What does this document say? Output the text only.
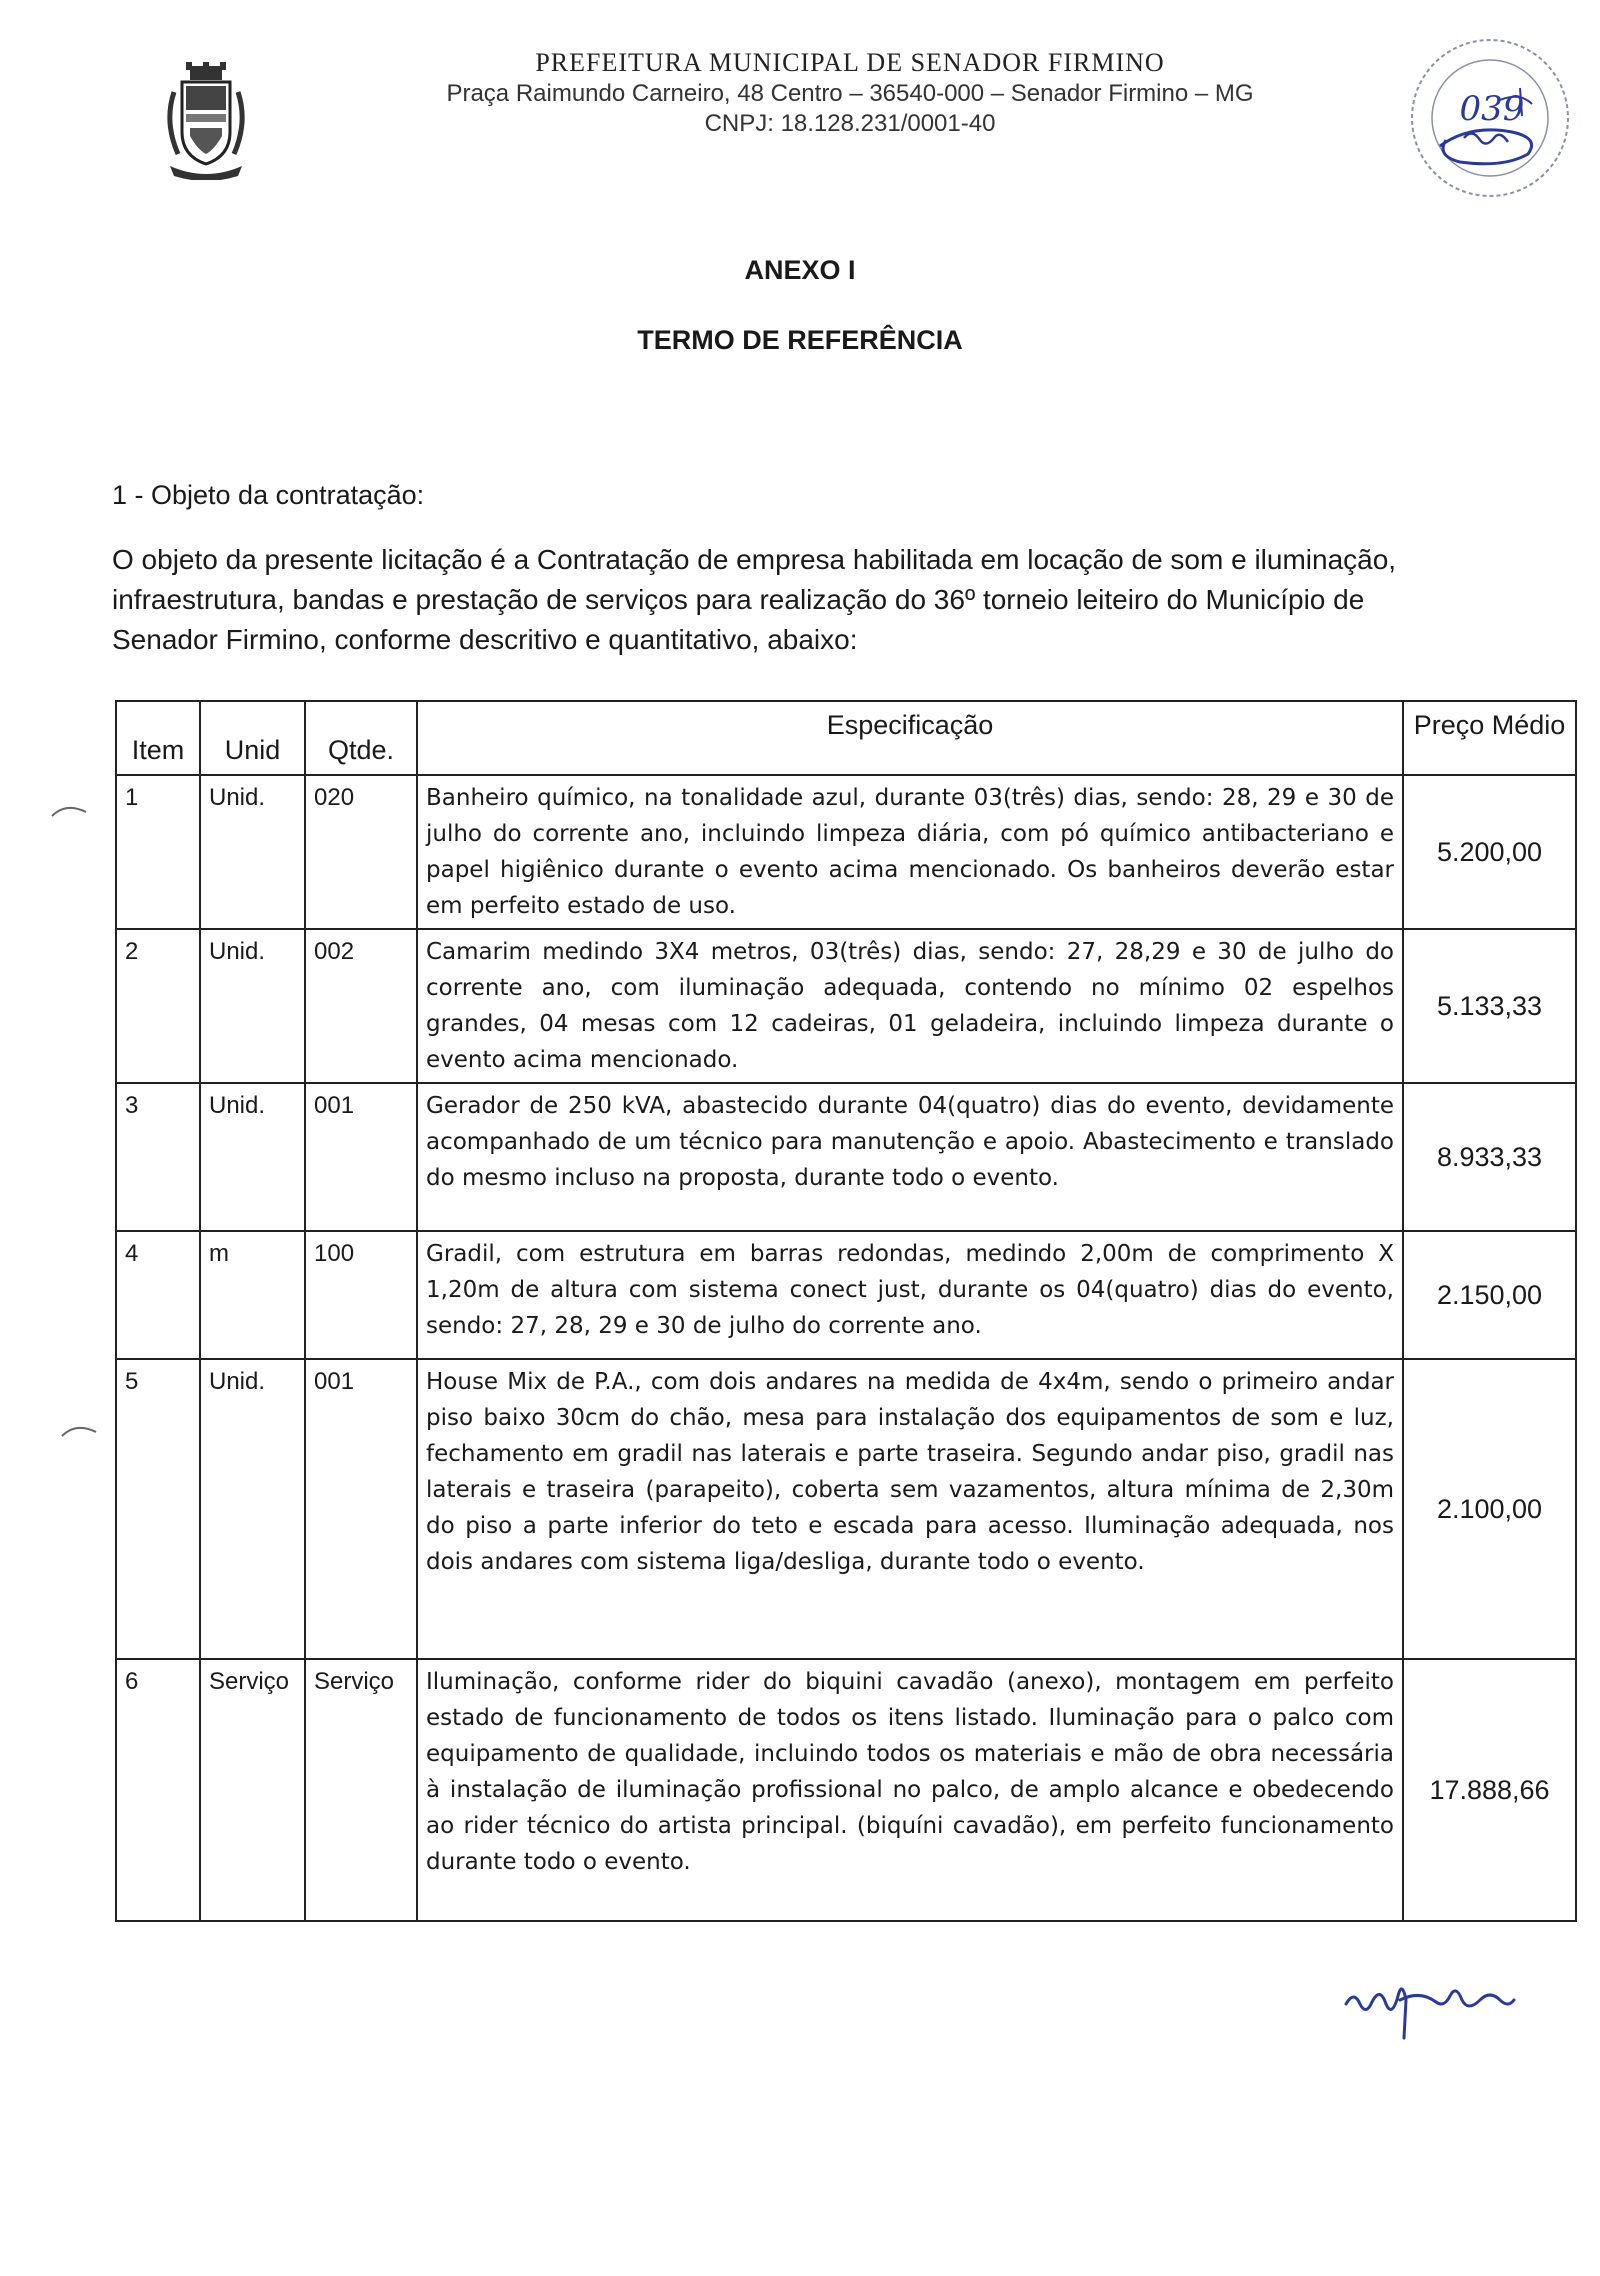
PREFEITURA MUNICIPAL DE SENADOR FIRMINO
Praça Raimundo Carneiro, 48 Centro – 36540-000 – Senador Firmino – MG
CNPJ: 18.128.231/0001-40	039
ANEXO I
TERMO DE REFERÊNCIA
1 - Objeto da contratação:
O objeto da presente licitação é a Contratação de empresa habilitada em locação de som e iluminação, infraestrutura, bandas e prestação de serviços para realização do 36º torneio leiteiro do Município de Senador Firmino, conforme descritivo e quantitativo, abaixo:
Item	Unid	Qtde.	Especificação	Preço Médio
1	Unid.	020	Banheiro químico, na tonalidade azul, durante 03(três) dias, sendo: 28, 29 e 30 de julho do corrente ano, incluindo limpeza diária, com pó químico antibacteriano e papel higiênico durante o evento acima mencionado. Os banheiros deverão estar em perfeito estado de uso.	5.200,00
2	Unid.	002	Camarim medindo 3X4 metros, 03(três) dias, sendo: 27, 28,29 e 30 de julho do corrente ano, com iluminação adequada, contendo no mínimo 02 espelhos grandes, 04 mesas com 12 cadeiras, 01 geladeira, incluindo limpeza durante o evento acima mencionado.	5.133,33
3	Unid.	001	Gerador de 250 kVA, abastecido durante 04(quatro) dias do evento, devidamente acompanhado de um técnico para manutenção e apoio. Abastecimento e translado do mesmo incluso na proposta, durante todo o evento.	8.933,33
4	m	100	Gradil, com estrutura em barras redondas, medindo 2,00m de comprimento X 1,20m de altura com sistema conect just, durante os 04(quatro) dias do evento, sendo: 27, 28, 29 e 30 de julho do corrente ano.	2.150,00
5	Unid.	001	House Mix de P.A., com dois andares na medida de 4x4m, sendo o primeiro andar piso baixo 30cm do chão, mesa para instalação dos equipamentos de som e luz, fechamento em gradil nas laterais e parte traseira. Segundo andar piso, gradil nas laterais e traseira (parapeito), coberta sem vazamentos, altura mínima de 2,30m do piso a parte inferior do teto e escada para acesso. Iluminação adequada, nos dois andares com sistema liga/desliga, durante todo o evento.	2.100,00
6	Serviço	Serviço	Iluminação, conforme rider do biquini cavadão (anexo), montagem em perfeito estado de funcionamento de todos os itens listado. Iluminação para o palco com equipamento de qualidade, incluindo todos os materiais e mão de obra necessária à instalação de iluminação profissional no palco, de amplo alcance e obedecendo ao rider técnico do artista principal. (biquíni cavadão), em perfeito funcionamento durante todo o evento.	17.888,66
